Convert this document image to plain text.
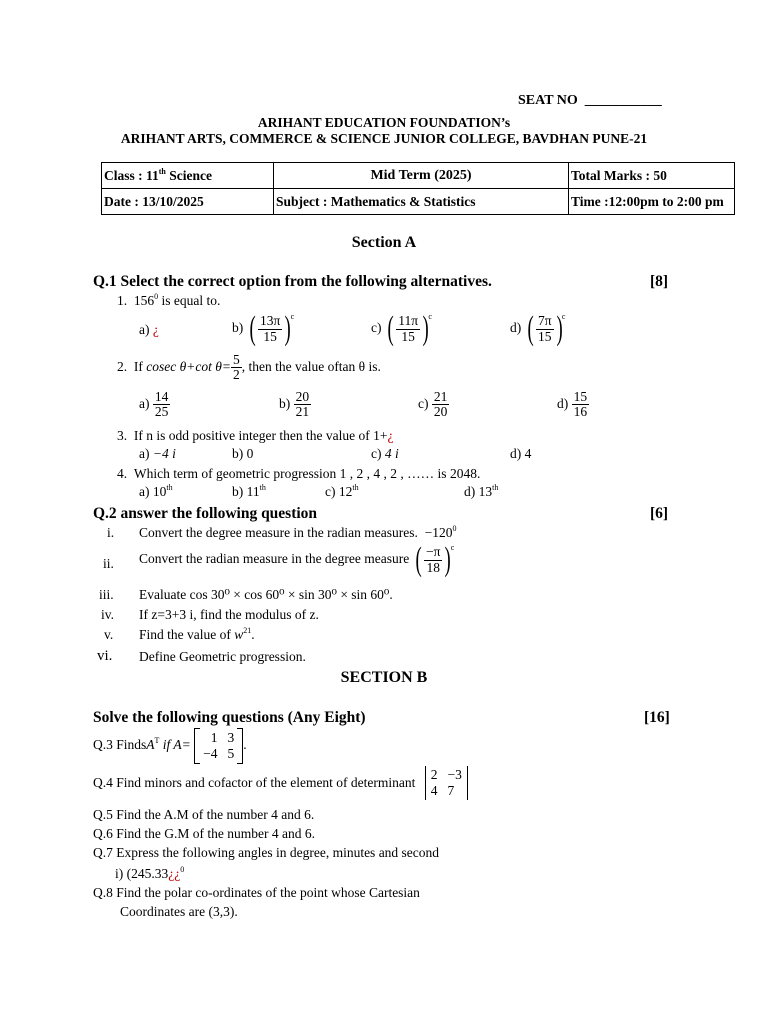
SEAT NO ___________
ARIHANT EDUCATION FOUNDATION’s
ARIHANT ARTS, COMMERCE & SCIENCE JUNIOR COLLEGE, BAVDHAN PUNE-21
Class : 11th Science	Mid Term (2025)	Total Marks : 50
Date : 13/10/2025	Subject : Mathematics & Statistics	Time :12:00pm to 2:00 pm
Section A
Q.1 Select the correct option from the following alternatives.	[8]
1. $156^0$ is equal to.
a) ¿	b) ( $\frac{13\pi}{15}$ ) c
c) ( $\frac{11\pi}{15}$ ) c
d) ( $\frac{7\pi}{15}$ ) c
2. If cosec θ+cot $\theta= \frac{5}{2}$ , then the value oftan θ is.
$a) \frac{14}{25}$	$b) \frac{20}{21}$	$c) \frac{21}{20}$	$d) \frac{15}{16}$
3. If n is odd positive integer then the value of 1+¿
a) −4 i	b) 0	c) 4 i	d) 4
4. Which term of geometric progression 1 , 2 , 4 , 2 , …… is 2048.
a) 10th	b) 11th	c) 12th	d) 13th
Q.2 answer the following question	[6]
i. Convert the degree measure in the radian measures. $-120^0$
ii. Convert the radian measure in the degree measure ( $\frac{-\pi}{18}$ ) c
iii. Evaluate cos 30⁰ × cos 60⁰ × sin 30⁰ × sin 60⁰.
iv. If z=3+3 i, find the modulus of z.
v. Find the value of $w^{21}$.
vi. Define Geometric progression.
SECTION B
Solve the following questions (Any Eight)	[16]
Q.3 FindsA$^T$ if A=	1 3
−4 5
.
Q.4 Find minors and cofactor of the element of determinant
2 −3
4 7
Q.5 Find the A.M of the number 4 and 6.
Q.6 Find the G.M of the number 4 and 6.
Q.7 Express the following angles in degree, minutes and second
i) (245.33¿¿$^0$
Q.8 Find the polar co-ordinates of the point whose Cartesian
Coordinates are (3,3).
